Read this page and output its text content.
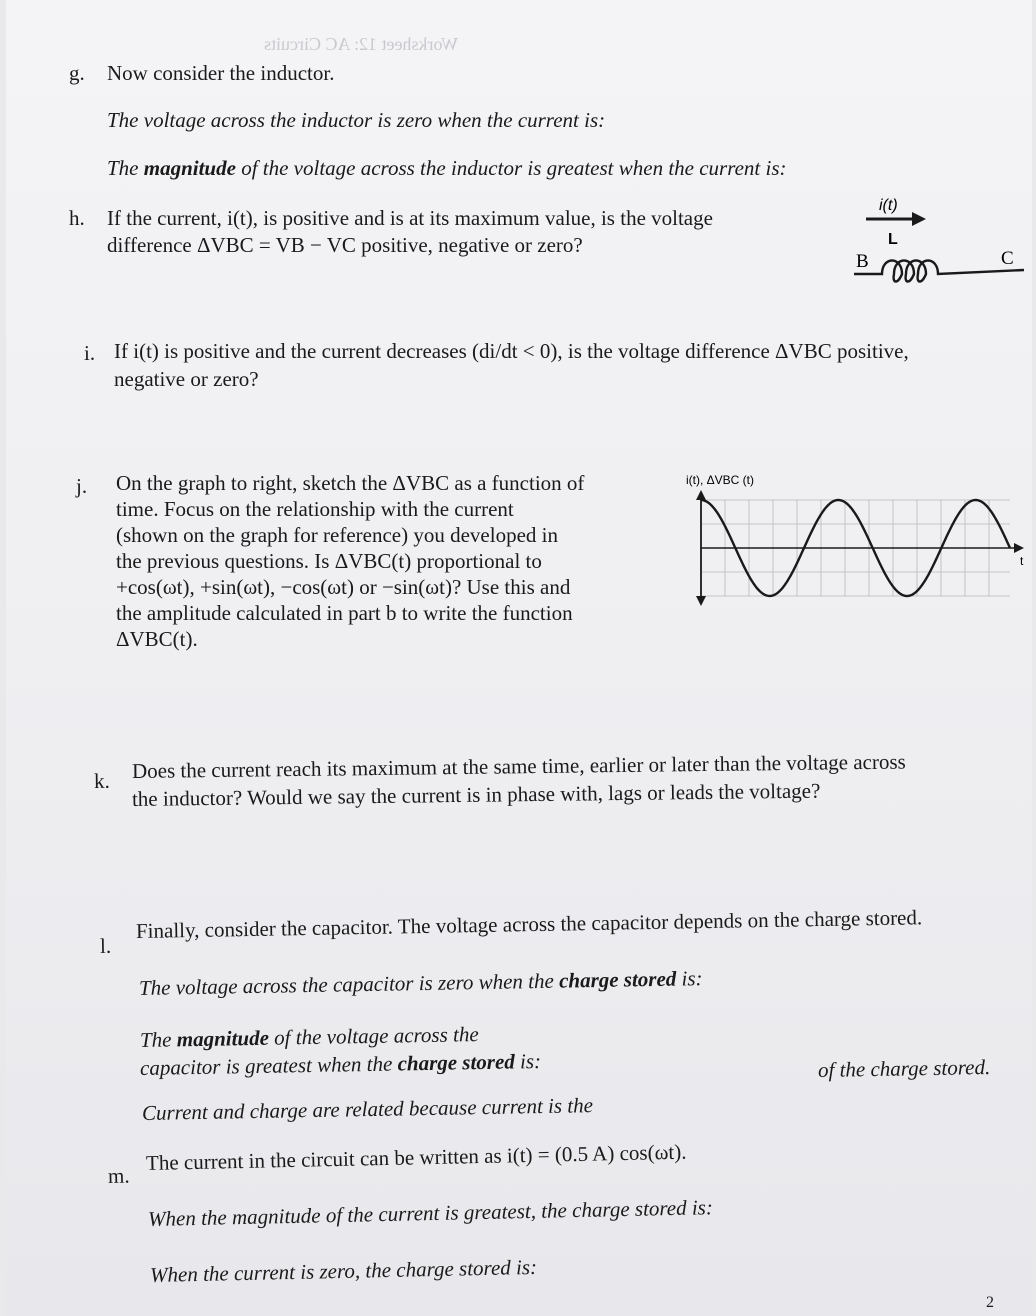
Worksheet 12: AC Circuits

g. Now consider the inductor.

The voltage across the inductor is zero when the current is:

The magnitude of the voltage across the inductor is greatest when the current is:

h. If the current, i(t), is positive and is at its maximum value, is the voltage

difference ΔVBC = VB − VC positive, negative or zero?

i(t)
L
B	C

i. If i(t) is positive and the current decreases (di/dt < 0), is the voltage difference ΔVBC positive,

negative or zero?

j. On the graph to right, sketch the ΔVBC as a function of

time. Focus on the relationship with the current

(shown on the graph for reference) you developed in

the previous questions. Is ΔVBC(t) proportional to

+cos(ωt), +sin(ωt), −cos(ωt) or −sin(ωt)? Use this and

the amplitude calculated in part b to write the function

ΔVBC(t).

i(t), ΔVBC (t)
t

k. Does the current reach its maximum at the same time, earlier or later than the voltage across

the inductor? Would we say the current is in phase with, lags or leads the voltage?

l.

Finally, consider the capacitor. The voltage across the capacitor depends on the charge stored.

The voltage across the capacitor is zero when the charge stored is:

The magnitude of the voltage across the

capacitor is greatest when the charge stored is:

Current and charge are related because current is the

of the charge stored.

m.

The current in the circuit can be written as i(t) = (0.5 A) cos(ωt).

When the magnitude of the current is greatest, the charge stored is:

When the current is zero, the charge stored is:

2
